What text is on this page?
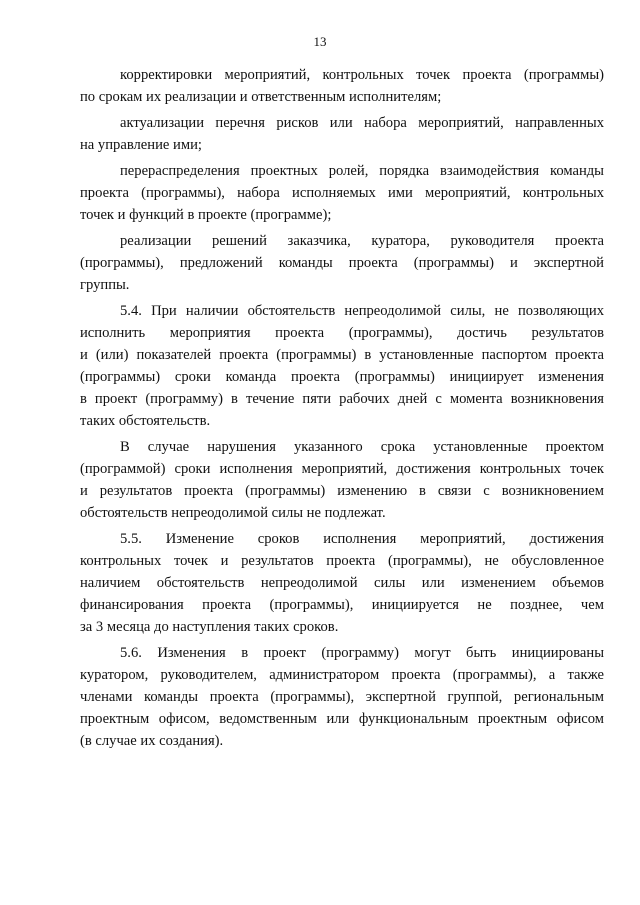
13

корректировки мероприятий, контрольных точек проекта (программы)
по срокам их реализации и ответственным исполнителям;

актуализации перечня рисков или набора мероприятий, направленных
на управление ими;

перераспределения проектных ролей, порядка взаимодействия команды
проекта (программы), набора исполняемых ими мероприятий, контрольных
точек и функций в проекте (программе);

реализации решений заказчика, куратора, руководителя проекта
(программы), предложений команды проекта (программы) и экспертной
группы.

5.4. При наличии обстоятельств непреодолимой силы, не позволяющих
исполнить мероприятия проекта (программы), достичь результатов
и (или) показателей проекта (программы) в установленные паспортом проекта
(программы) сроки команда проекта (программы) инициирует изменения
в проект (программу) в течение пяти рабочих дней с момента возникновения
таких обстоятельств.

В случае нарушения указанного срока установленные проектом
(программой) сроки исполнения мероприятий, достижения контрольных точек
и результатов проекта (программы) изменению в связи с возникновением
обстоятельств непреодолимой силы не подлежат.

5.5. Изменение сроков исполнения мероприятий, достижения
контрольных точек и результатов проекта (программы), не обусловленное
наличием обстоятельств непреодолимой силы или изменением объемов
финансирования проекта (программы), инициируется не позднее, чем
за 3 месяца до наступления таких сроков.

5.6. Изменения в проект (программу) могут быть инициированы
куратором, руководителем, администратором проекта (программы), а также
членами команды проекта (программы), экспертной группой, региональным
проектным офисом, ведомственным или функциональным проектным офисом
(в случае их создания).
